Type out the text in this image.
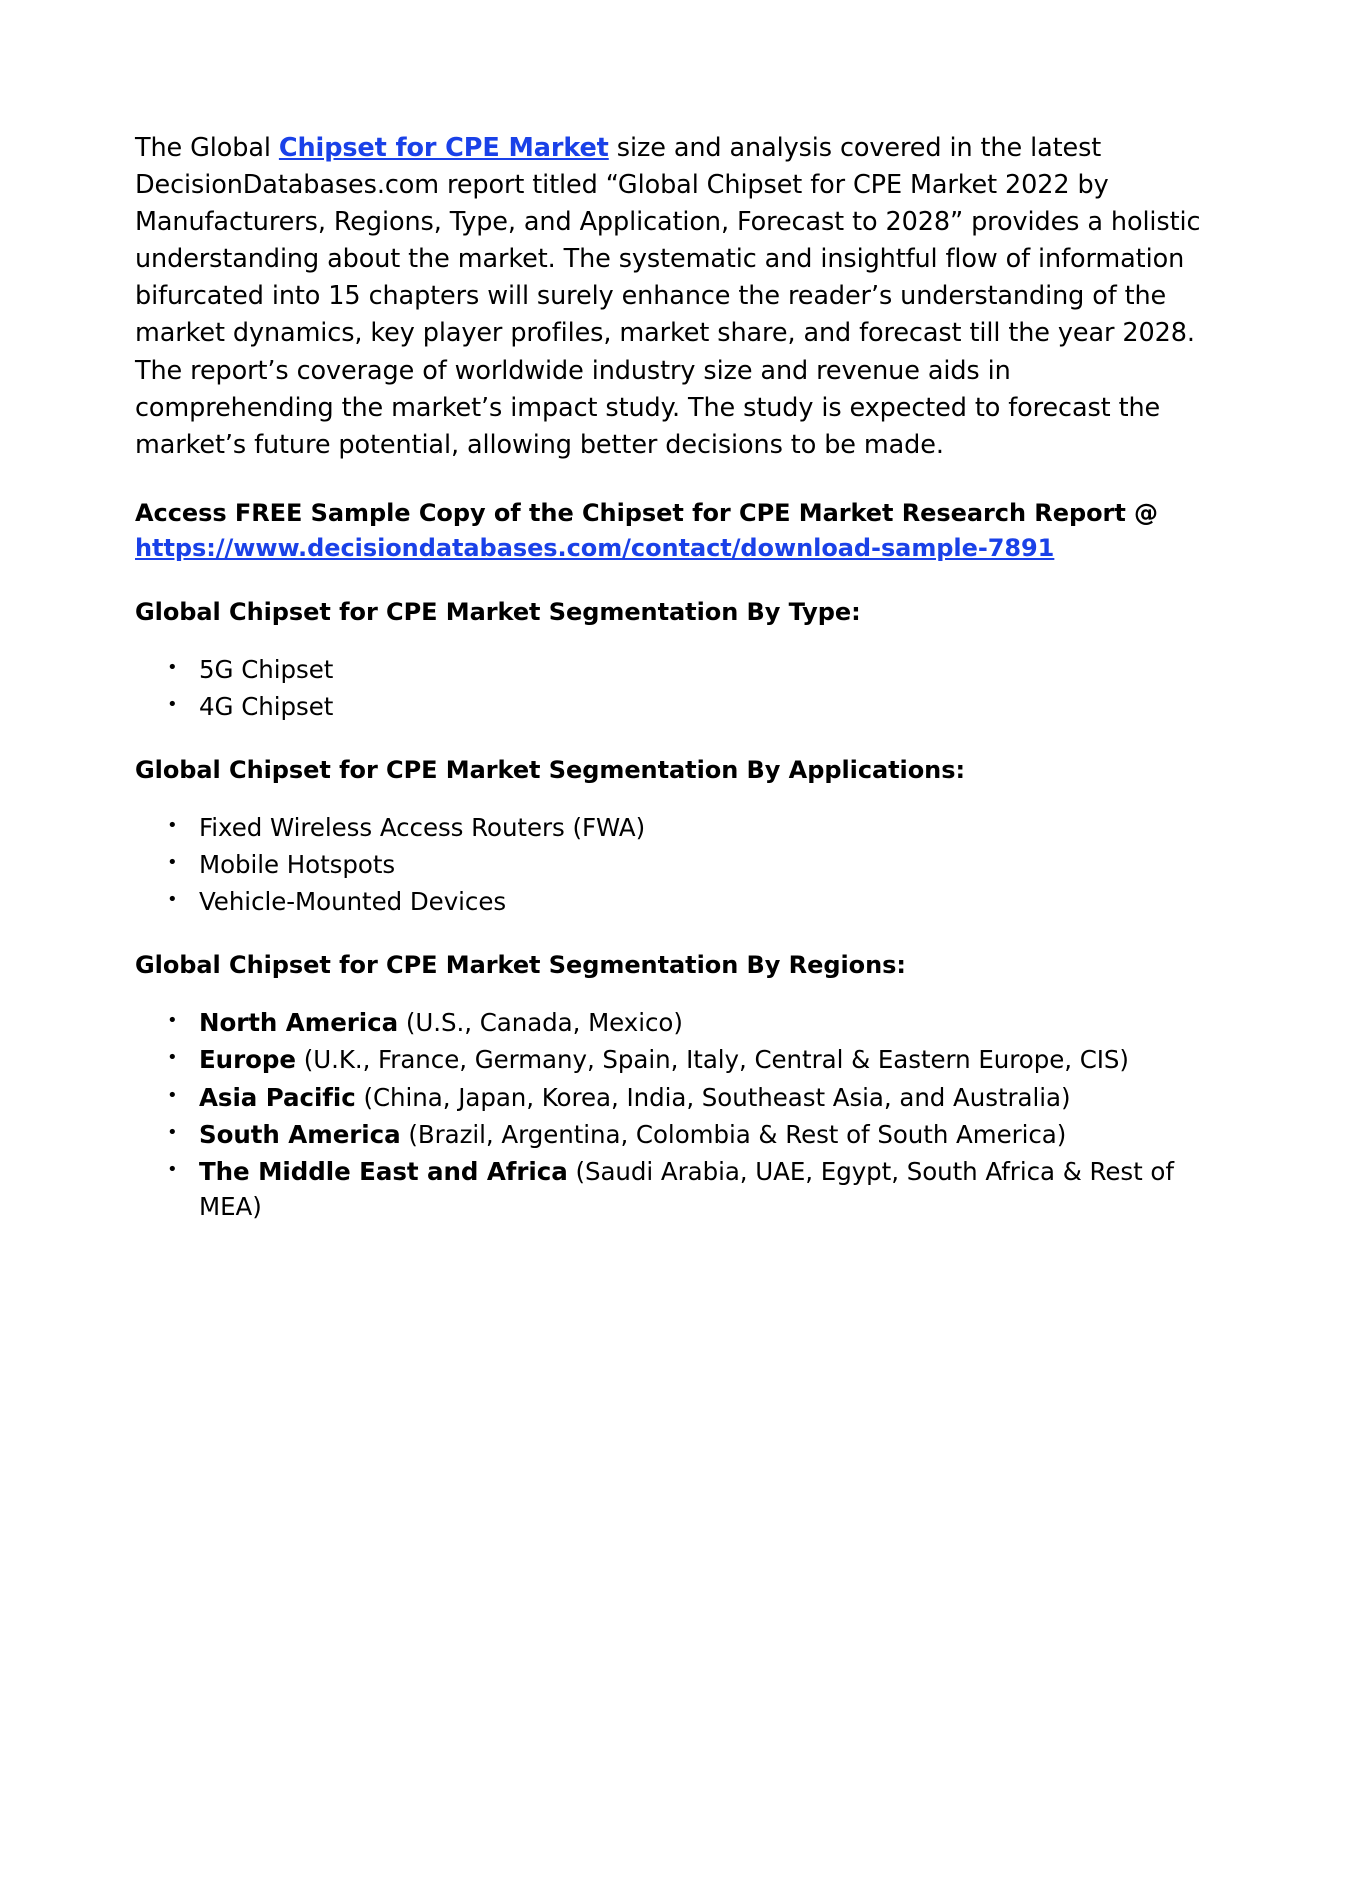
The Global Chipset for CPE Market size and analysis covered in the latest DecisionDatabases.com report titled “Global Chipset for CPE Market 2022 by Manufacturers, Regions, Type, and Application, Forecast to 2028” provides a holistic understanding about the market. The systematic and insightful flow of information bifurcated into 15 chapters will surely enhance the reader’s understanding of the market dynamics, key player profiles, market share, and forecast till the year 2028. The report’s coverage of worldwide industry size and revenue aids in comprehending the market’s impact study. The study is expected to forecast the market’s future potential, allowing better decisions to be made.

Access FREE Sample Copy of the Chipset for CPE Market Research Report @ https://www.decisiondatabases.com/contact/download-sample-7891

Global Chipset for CPE Market Segmentation By Type:
• 5G Chipset
• 4G Chipset
Global Chipset for CPE Market Segmentation By Applications:
• Fixed Wireless Access Routers (FWA)
• Mobile Hotspots
• Vehicle-Mounted Devices
Global Chipset for CPE Market Segmentation By Regions:
• North America (U.S., Canada, Mexico)
• Europe (U.K., France, Germany, Spain, Italy, Central & Eastern Europe, CIS)
• Asia Pacific (China, Japan, Korea, India, Southeast Asia, and Australia)
• South America (Brazil, Argentina, Colombia & Rest of South America)
• The Middle East and Africa (Saudi Arabia, UAE, Egypt, South Africa & Rest of MEA)
